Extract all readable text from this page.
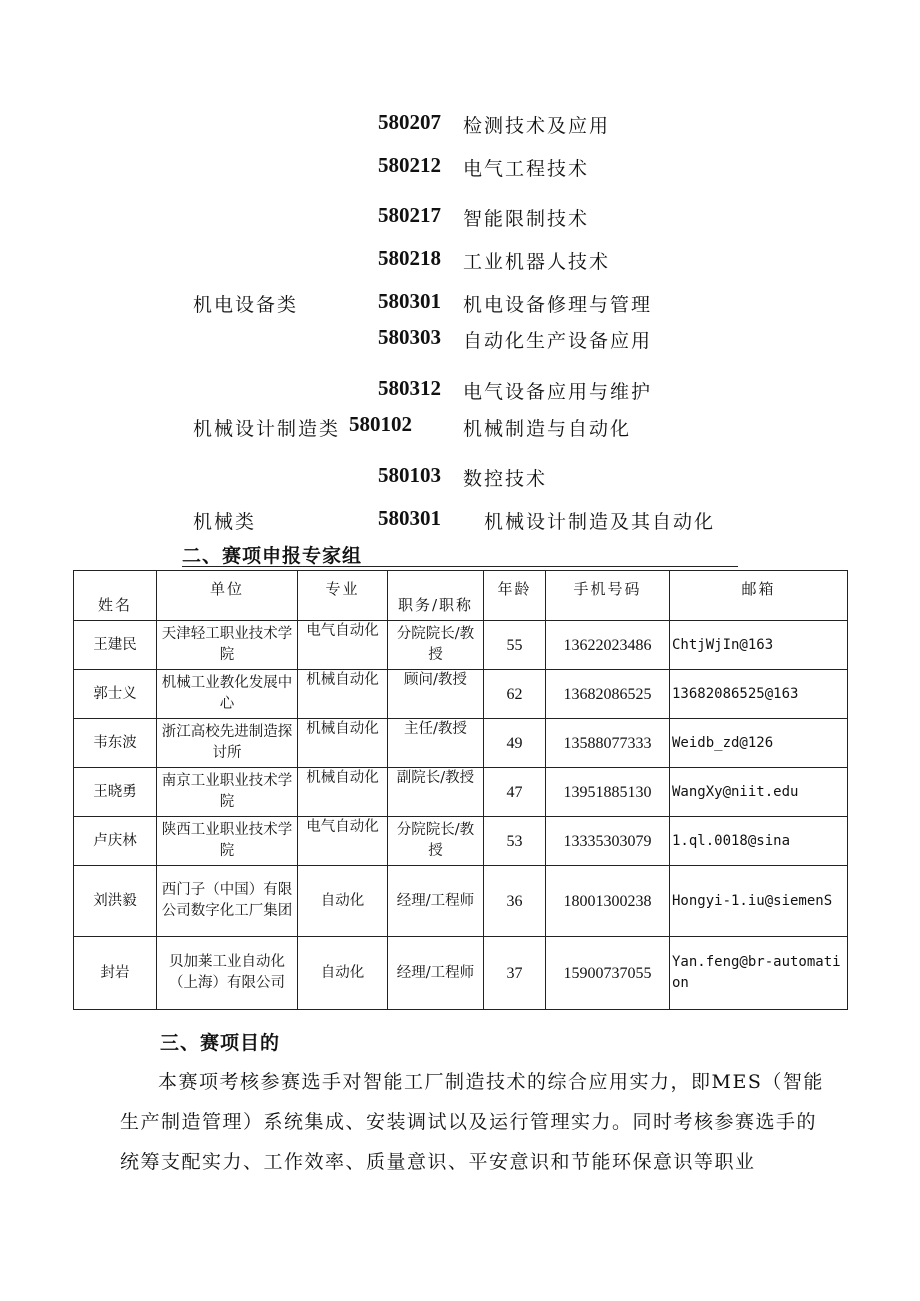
580207 检测技术及应用
580212 电气工程技术
580217 智能限制技术
580218 工业机器人技术
机电设备类	580301 机电设备修理与管理
580303 自动化生产设备应用
580312 电气设备应用与维护
机械设计制造类 580102	机械制造与自动化
580103 数控技术
机械类	580301 机械设计制造及其自动化
二、赛项申报专家组
姓名	单位	专业	职务/职称	年龄	手机号码	邮箱

王建民	天津轻工职业技术学院	电气自动化	分院院长/教授	55	13622023486	ChtjWjIn@163
郭士义	机械工业教化发展中心	机械自动化	顾问/教授	62	13682086525	13682086525@163
韦东波	浙江高校先进制造探讨所	机械自动化	主任/教授	49	13588077333	Weidb_zd@126
王晓勇	南京工业职业技术学院	机械自动化	副院长/教授	47	13951885130	WangXy@niit.edu
卢庆林	陕西工业职业技术学院	电气自动化	分院院长/教授	53	13335303079	1.ql.0018@sina
刘洪毅	西门子（中国）有限公司数字化工厂集团	自动化	经理/工程师	36	18001300238	Hongyi-1.iu@siemenS
封岩	贝加莱工业自动化（上海）有限公司	自动化	经理/工程师	37	15900737055	Yan.feng@br-automation
三、赛项目的
本赛项考核参赛选手对智能工厂制造技术的综合应用实力，即MES（智能生产制造管理）系统集成、安装调试以及运行管理实力。同时考核参赛选手的统筹支配实力、工作效率、质量意识、平安意识和节能环保意识等职业
